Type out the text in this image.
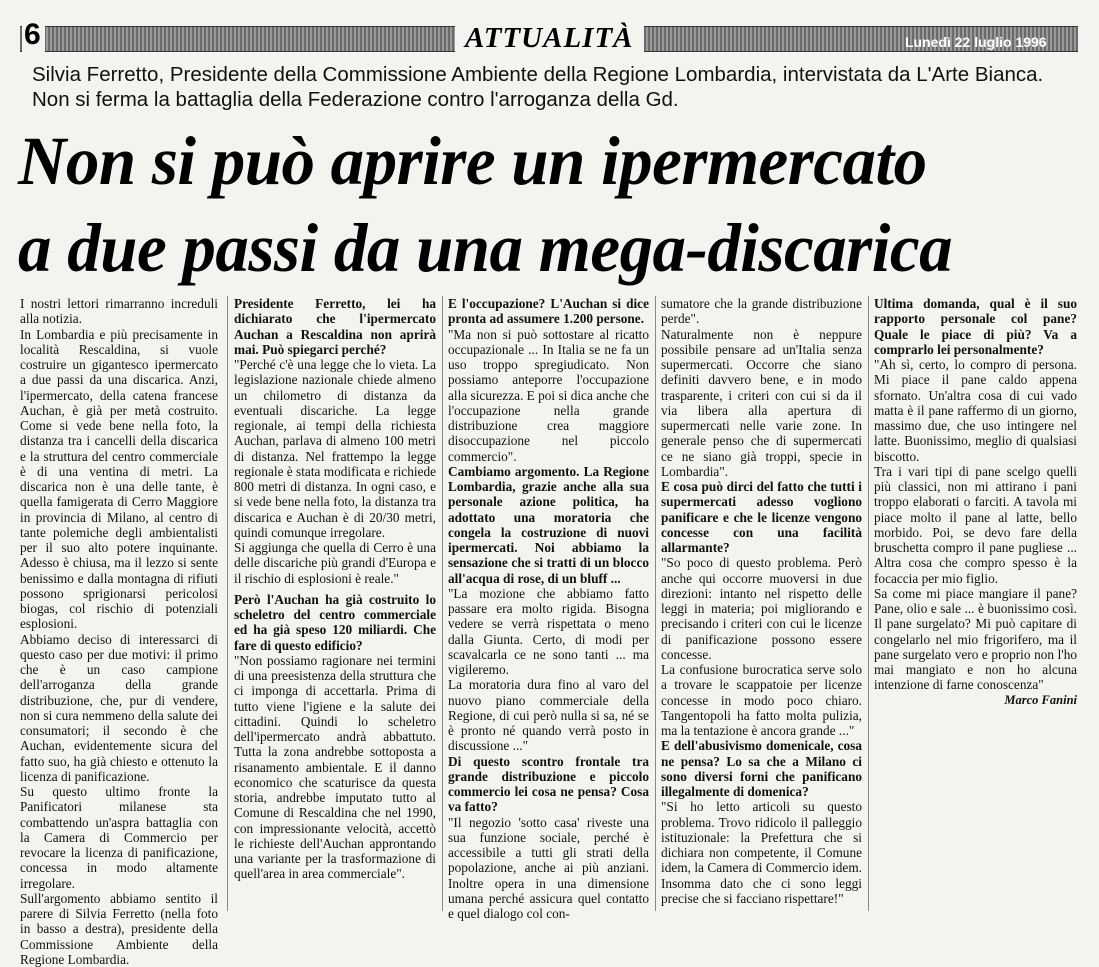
6	ATTUALITÀ	Lunedì 22 luglio 1996
Silvia Ferretto, Presidente della Commissione Ambiente della Regione Lombardia, intervistata da L'Arte Bianca. Non si ferma la battaglia della Federazione contro l'arroganza della Gd.
Non si può aprire un ipermercato
a due passi da una mega-discarica

I nostri lettori rimarranno increduli alla notizia.

In Lombardia e più precisamente in località Rescaldina, si vuole costruire un gigantesco ipermercato a due passi da una discarica. Anzi, l'ipermercato, della catena francese Auchan, è già per metà costruito. Come si vede bene nella foto, la distanza tra i cancelli della discarica e la struttura del centro commerciale è di una ventina di metri. La discarica non è una delle tante, è quella famigerata di Cerro Maggiore in provincia di Milano, al centro di tante polemiche degli ambientalisti per il suo alto potere inquinante. Adesso è chiusa, ma il lezzo si sente benissimo e dalla montagna di rifiuti possono sprigionarsi pericolosi biogas, col rischio di potenziali esplosioni.

Abbiamo deciso di interessarci di questo caso per due motivi: il primo che è un caso campione dell'arroganza della grande distribuzione, che, pur di vendere, non si cura nemmeno della salute dei consumatori; il secondo è che Auchan, evidentemente sicura del fatto suo, ha già chiesto e ottenuto la licenza di panificazione.

Su questo ultimo fronte la Panificatori milanese sta combattendo un'aspra battaglia con la Camera di Commercio per revocare la licenza di panificazione, concessa in modo altamente irregolare.

Sull'argomento abbiamo sentito il parere di Silvia Ferretto (nella foto in basso a destra), presidente della Commissione Ambiente della Regione Lombardia.

Presidente Ferretto, lei ha dichiarato che l'ipermercato Auchan a Rescaldina non aprirà mai. Può spiegarci perché?

"Perché c'è una legge che lo vieta. La legislazione nazionale chiede almeno un chilometro di distanza da eventuali discariche. La legge regionale, ai tempi della richiesta Auchan, parlava di almeno 100 metri di distanza. Nel frattempo la legge regionale è stata modificata e richiede 800 metri di distanza. In ogni caso, e si vede bene nella foto, la distanza tra discarica e Auchan è di 20/30 metri, quindi comunque irregolare.

Si aggiunga che quella di Cerro è una delle discariche più grandi d'Europa e il rischio di esplosioni è reale."

Però l'Auchan ha già costruito lo scheletro del centro commerciale ed ha già speso 120 miliardi. Che fare di questo edificio?

"Non possiamo ragionare nei termini di una preesistenza della struttura che ci imponga di accettarla. Prima di tutto viene l'igiene e la salute dei cittadini. Quindi lo scheletro dell'ipermercato andrà abbattuto. Tutta la zona andrebbe sottoposta a risanamento ambientale. E il danno economico che scaturisce da questa storia, andrebbe imputato tutto al Comune di Rescaldina che nel 1990, con impressionante velocità, accettò le richieste dell'Auchan approntando una variante per la trasformazione di quell'area in area commerciale".

E l'occupazione? L'Auchan si dice pronta ad assumere 1.200 persone.

"Ma non si può sottostare al ricatto occupazionale ... In Italia se ne fa un uso troppo spregiudicato. Non possiamo anteporre l'occupazione alla sicurezza. E poi si dica anche che l'occupazione nella grande distribuzione crea maggiore disoccupazione nel piccolo commercio".

Cambiamo argomento. La Regione Lombardia, grazie anche alla sua personale azione politica, ha adottato una moratoria che congela la costruzione di nuovi ipermercati. Noi abbiamo la sensazione che si tratti di un blocco all'acqua di rose, di un bluff ...

"La mozione che abbiamo fatto passare era molto rigida. Bisogna vedere se verrà rispettata o meno dalla Giunta. Certo, di modi per scavalcarla ce ne sono tanti ... ma vigileremo.

La moratoria dura fino al varo del nuovo piano commerciale della Regione, di cui però nulla si sa, né se è pronto né quando verrà posto in discussione ..."

Di questo scontro frontale tra grande distribuzione e piccolo commercio lei cosa ne pensa? Cosa va fatto?

"Il negozio 'sotto casa' riveste una sua funzione sociale, perché è accessibile a tutti gli strati della popolazione, anche ai più anziani. Inoltre opera in una dimensione umana perché assicura quel contatto e quel dialogo col con-

sumatore che la grande distribuzione perde".

Naturalmente non è neppure possibile pensare ad un'Italia senza supermercati. Occorre che siano definiti davvero bene, e in modo trasparente, i criteri con cui si da il via libera alla apertura di supermercati nelle varie zone. In generale penso che di supermercati ce ne siano già troppi, specie in Lombardia".

E cosa può dirci del fatto che tutti i supermercati adesso vogliono panificare e che le licenze vengono concesse con una facilità allarmante?

"So poco di questo problema. Però anche qui occorre muoversi in due direzioni: intanto nel rispetto delle leggi in materia; poi migliorando e precisando i criteri con cui le licenze di panificazione possono essere concesse.

La confusione burocratica serve solo a trovare le scappatoie per licenze concesse in modo poco chiaro. Tangentopoli ha fatto molta pulizia, ma la tentazione è ancora grande ..."

E dell'abusivismo domenicale, cosa ne pensa? Lo sa che a Milano ci sono diversi forni che panificano illegalmente di domenica?

"Si ho letto articoli su questo problema. Trovo ridicolo il palleggio istituzionale: la Prefettura che si dichiara non competente, il Comune idem, la Camera di Commercio idem. Insomma dato che ci sono leggi precise che si facciano rispettare!"

Ultima domanda, qual è il suo rapporto personale col pane? Quale le piace di più? Va a comprarlo lei personalmente?

"Ah sì, certo, lo compro di persona. Mi piace il pane caldo appena sfornato. Un'altra cosa di cui vado matta è il pane raffermo di un giorno, massimo due, che uso intingere nel latte. Buonissimo, meglio di qualsiasi biscotto.

Tra i vari tipi di pane scelgo quelli più classici, non mi attirano i pani troppo elaborati o farciti. A tavola mi piace molto il pane al latte, bello morbido. Poi, se devo fare della bruschetta compro il pane pugliese ... Altra cosa che compro spesso è la focaccia per mio figlio.

Sa come mi piace mangiare il pane? Pane, olio e sale ... è buonissimo così. Il pane surgelato? Mi può capitare di congelarlo nel mio frigorifero, ma il pane surgelato vero e proprio non l'ho mai mangiato e non ho alcuna intenzione di farne conoscenza"

Marco Fanini
